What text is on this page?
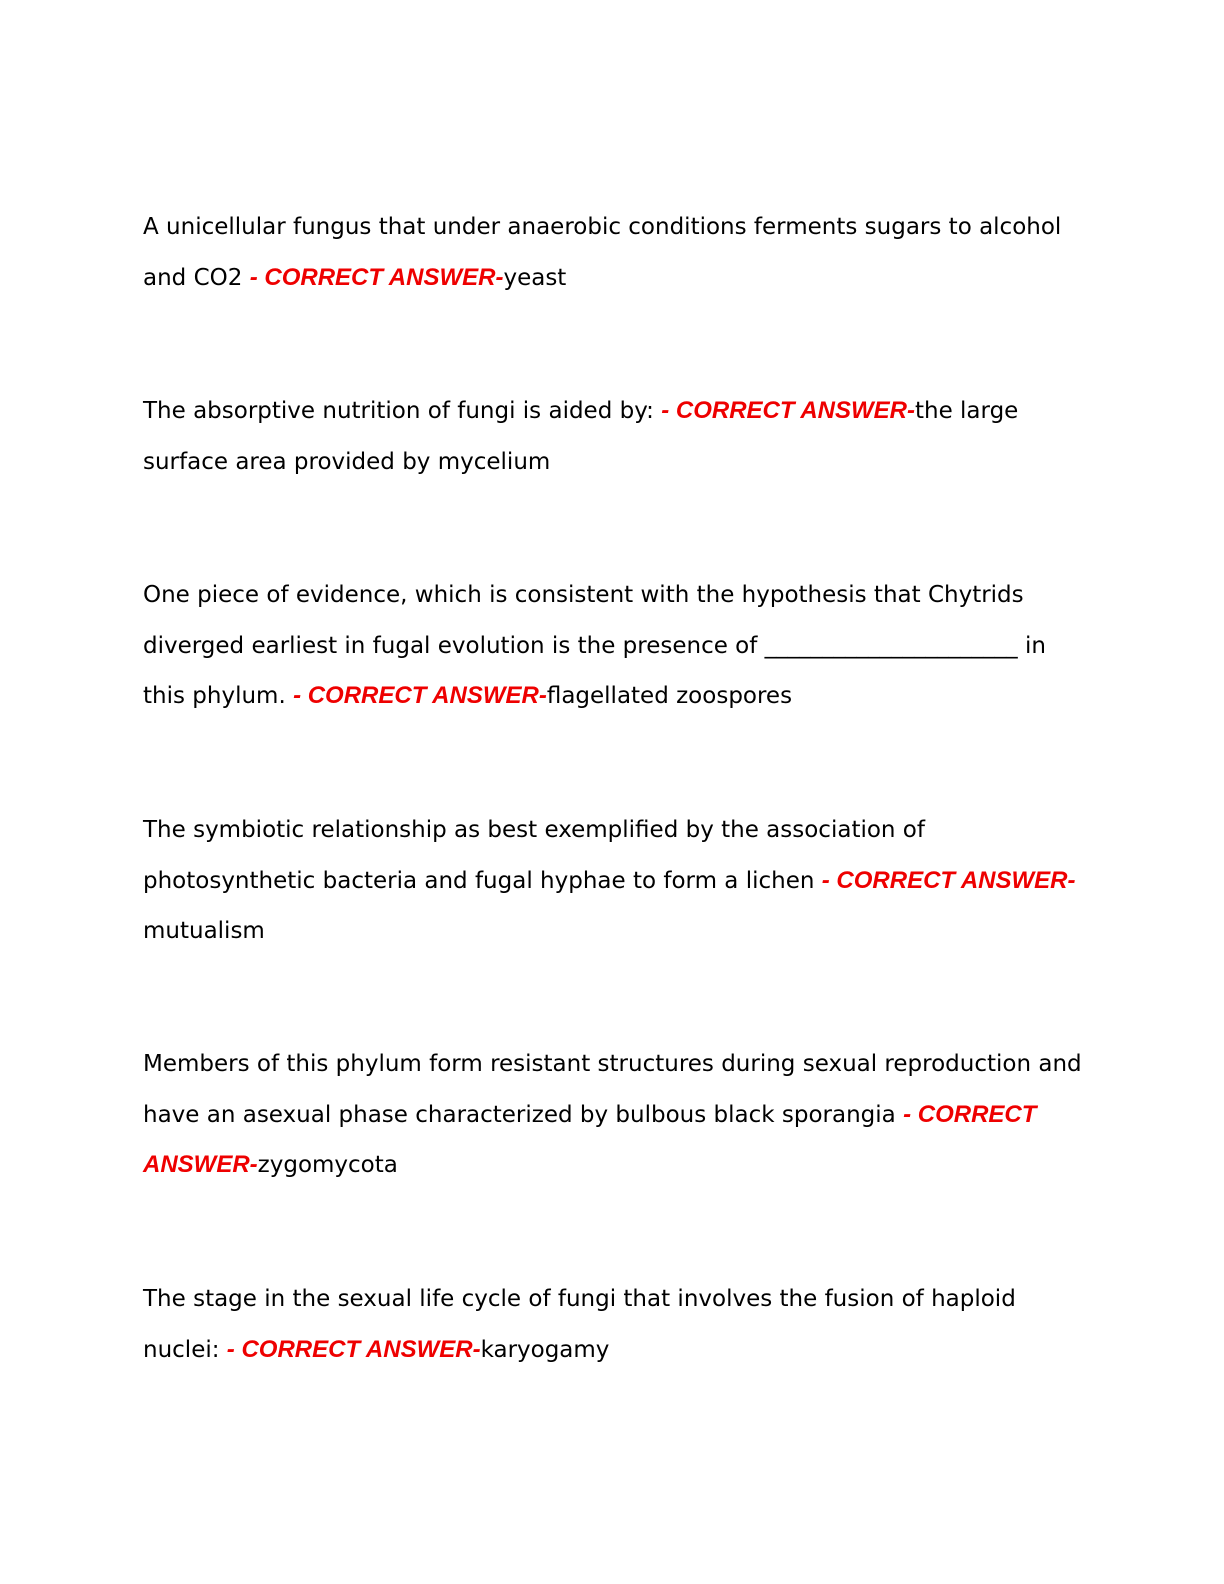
A unicellular fungus that under anaerobic conditions ferments sugars to alcohol and CO2 - CORRECT ANSWER-yeast

The absorptive nutrition of fungi is aided by: - CORRECT ANSWER-the large surface area provided by mycelium

One piece of evidence, which is consistent with the hypothesis that Chytrids diverged earliest in fugal evolution is the presence of ______________________ in this phylum. - CORRECT ANSWER-flagellated zoospores

The symbiotic relationship as best exemplified by the association of photosynthetic bacteria and fugal hyphae to form a lichen - CORRECT ANSWER-mutualism

Members of this phylum form resistant structures during sexual reproduction and have an asexual phase characterized by bulbous black sporangia - CORRECT ANSWER-zygomycota

The stage in the sexual life cycle of fungi that involves the fusion of haploid nuclei: - CORRECT ANSWER-karyogamy
